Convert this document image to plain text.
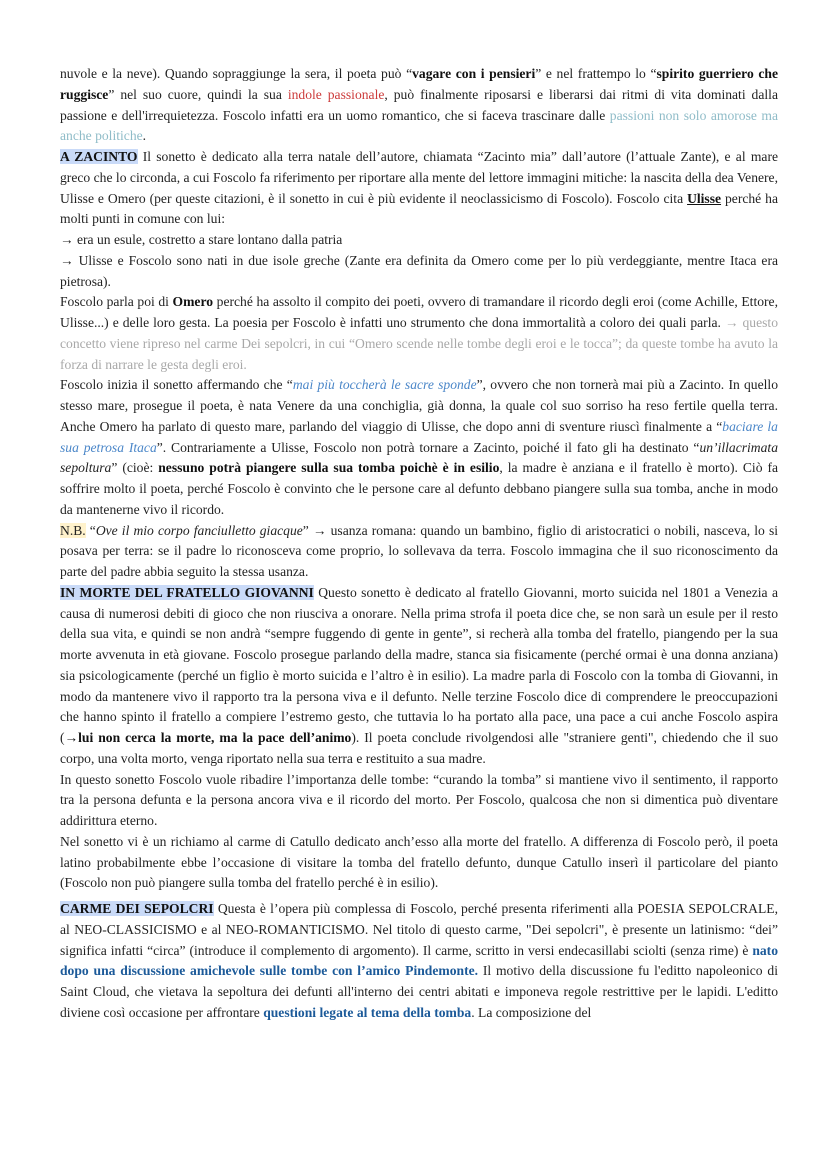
nuvole e la neve). Quando sopraggiunge la sera, il poeta può “vagare con i pensieri” e nel frattempo lo “spirito guerriero che ruggisce” nel suo cuore, quindi la sua indole passionale, può finalmente riposarsi e liberarsi dai ritmi di vita dominati dalla passione e dell'irrequietezza. Foscolo infatti era un uomo romantico, che si faceva trascinare dalle passioni non solo amorose ma anche politiche.

A ZACINTO Il sonetto è dedicato alla terra natale dell’autore, chiamata “Zacinto mia” dall’autore (l’attuale Zante), e al mare greco che lo circonda, a cui Foscolo fa riferimento per riportare alla mente del lettore immagini mitiche: la nascita della dea Venere, Ulisse e Omero (per queste citazioni, è il sonetto in cui è più evidente il neoclassicismo di Foscolo). Foscolo cita Ulisse perché ha molti punti in comune con lui:

→ era un esule, costretto a stare lontano dalla patria

→ Ulisse e Foscolo sono nati in due isole greche (Zante era definita da Omero come per lo più verdeggiante, mentre Itaca era pietrosa).

Foscolo parla poi di Omero perché ha assolto il compito dei poeti, ovvero di tramandare il ricordo degli eroi (come Achille, Ettore, Ulisse...) e delle loro gesta. La poesia per Foscolo è infatti uno strumento che dona immortalità a coloro dei quali parla. → questo concetto viene ripreso nel carme Dei sepolcri, in cui “Omero scende nelle tombe degli eroi e le tocca”; da queste tombe ha avuto la forza di narrare le gesta degli eroi.

Foscolo inizia il sonetto affermando che “mai più toccherà le sacre sponde”, ovvero che non tornerà mai più a Zacinto. In quello stesso mare, prosegue il poeta, è nata Venere da una conchiglia, già donna, la quale col suo sorriso ha reso fertile quella terra. Anche Omero ha parlato di questo mare, parlando del viaggio di Ulisse, che dopo anni di sventure riuscì finalmente a “baciare la sua petrosa Itaca”. Contrariamente a Ulisse, Foscolo non potrà tornare a Zacinto, poiché il fato gli ha destinato “un’illacrimata sepoltura” (cioè: nessuno potrà piangere sulla sua tomba poichè è in esilio, la madre è anziana e il fratello è morto). Ciò fa soffrire molto il poeta, perché Foscolo è convinto che le persone care al defunto debbano piangere sulla sua tomba, anche in modo da mantenerne vivo il ricordo.

N.B. “Ove il mio corpo fanciulletto giacque” → usanza romana: quando un bambino, figlio di aristocratici o nobili, nasceva, lo si posava per terra: se il padre lo riconosceva come proprio, lo sollevava da terra. Foscolo immagina che il suo riconoscimento da parte del padre abbia seguito la stessa usanza.

IN MORTE DEL FRATELLO GIOVANNI Questo sonetto è dedicato al fratello Giovanni, morto suicida nel 1801 a Venezia a causa di numerosi debiti di gioco che non riusciva a onorare. Nella prima strofa il poeta dice che, se non sarà un esule per il resto della sua vita, e quindi se non andrà “sempre fuggendo di gente in gente”, si recherà alla tomba del fratello, piangendo per la sua morte avvenuta in età giovane. Foscolo prosegue parlando della madre, stanca sia fisicamente (perché ormai è una donna anziana) sia psicologicamente (perché un figlio è morto suicida e l’altro è in esilio). La madre parla di Foscolo con la tomba di Giovanni, in modo da mantenere vivo il rapporto tra la persona viva e il defunto. Nelle terzine Foscolo dice di comprendere le preoccupazioni che hanno spinto il fratello a compiere l’estremo gesto, che tuttavia lo ha portato alla pace, una pace a cui anche Foscolo aspira (→lui non cerca la morte, ma la pace dell’animo). Il poeta conclude rivolgendosi alle "straniere genti", chiedendo che il suo corpo, una volta morto, venga riportato nella sua terra e restituito a sua madre.

In questo sonetto Foscolo vuole ribadire l’importanza delle tombe: “curando la tomba” si mantiene vivo il sentimento, il rapporto tra la persona defunta e la persona ancora viva e il ricordo del morto. Per Foscolo, qualcosa che non si dimentica può diventare addirittura eterno.

Nel sonetto vi è un richiamo al carme di Catullo dedicato anch’esso alla morte del fratello. A differenza di Foscolo però, il poeta latino probabilmente ebbe l’occasione di visitare la tomba del fratello defunto, dunque Catullo inserì il particolare del pianto (Foscolo non può piangere sulla tomba del fratello perché è in esilio).

CARME DEI SEPOLCRI Questa è l’opera più complessa di Foscolo, perché presenta riferimenti alla POESIA SEPOLCRALE, al NEO-CLASSICISMO e al NEO-ROMANTICISMO. Nel titolo di questo carme, "Dei sepolcri", è presente un latinismo: “dei” significa infatti “circa” (introduce il complemento di argomento). Il carme, scritto in versi endecasillabi sciolti (senza rime) è nato dopo una discussione amichevole sulle tombe con l’amico Pindemonte. Il motivo della discussione fu l'editto napoleonico di Saint Cloud, che vietava la sepoltura dei defunti all'interno dei centri abitati e imponeva regole restrittive per le lapidi. L'editto diviene così occasione per affrontare questioni legate al tema della tomba. La composizione del
